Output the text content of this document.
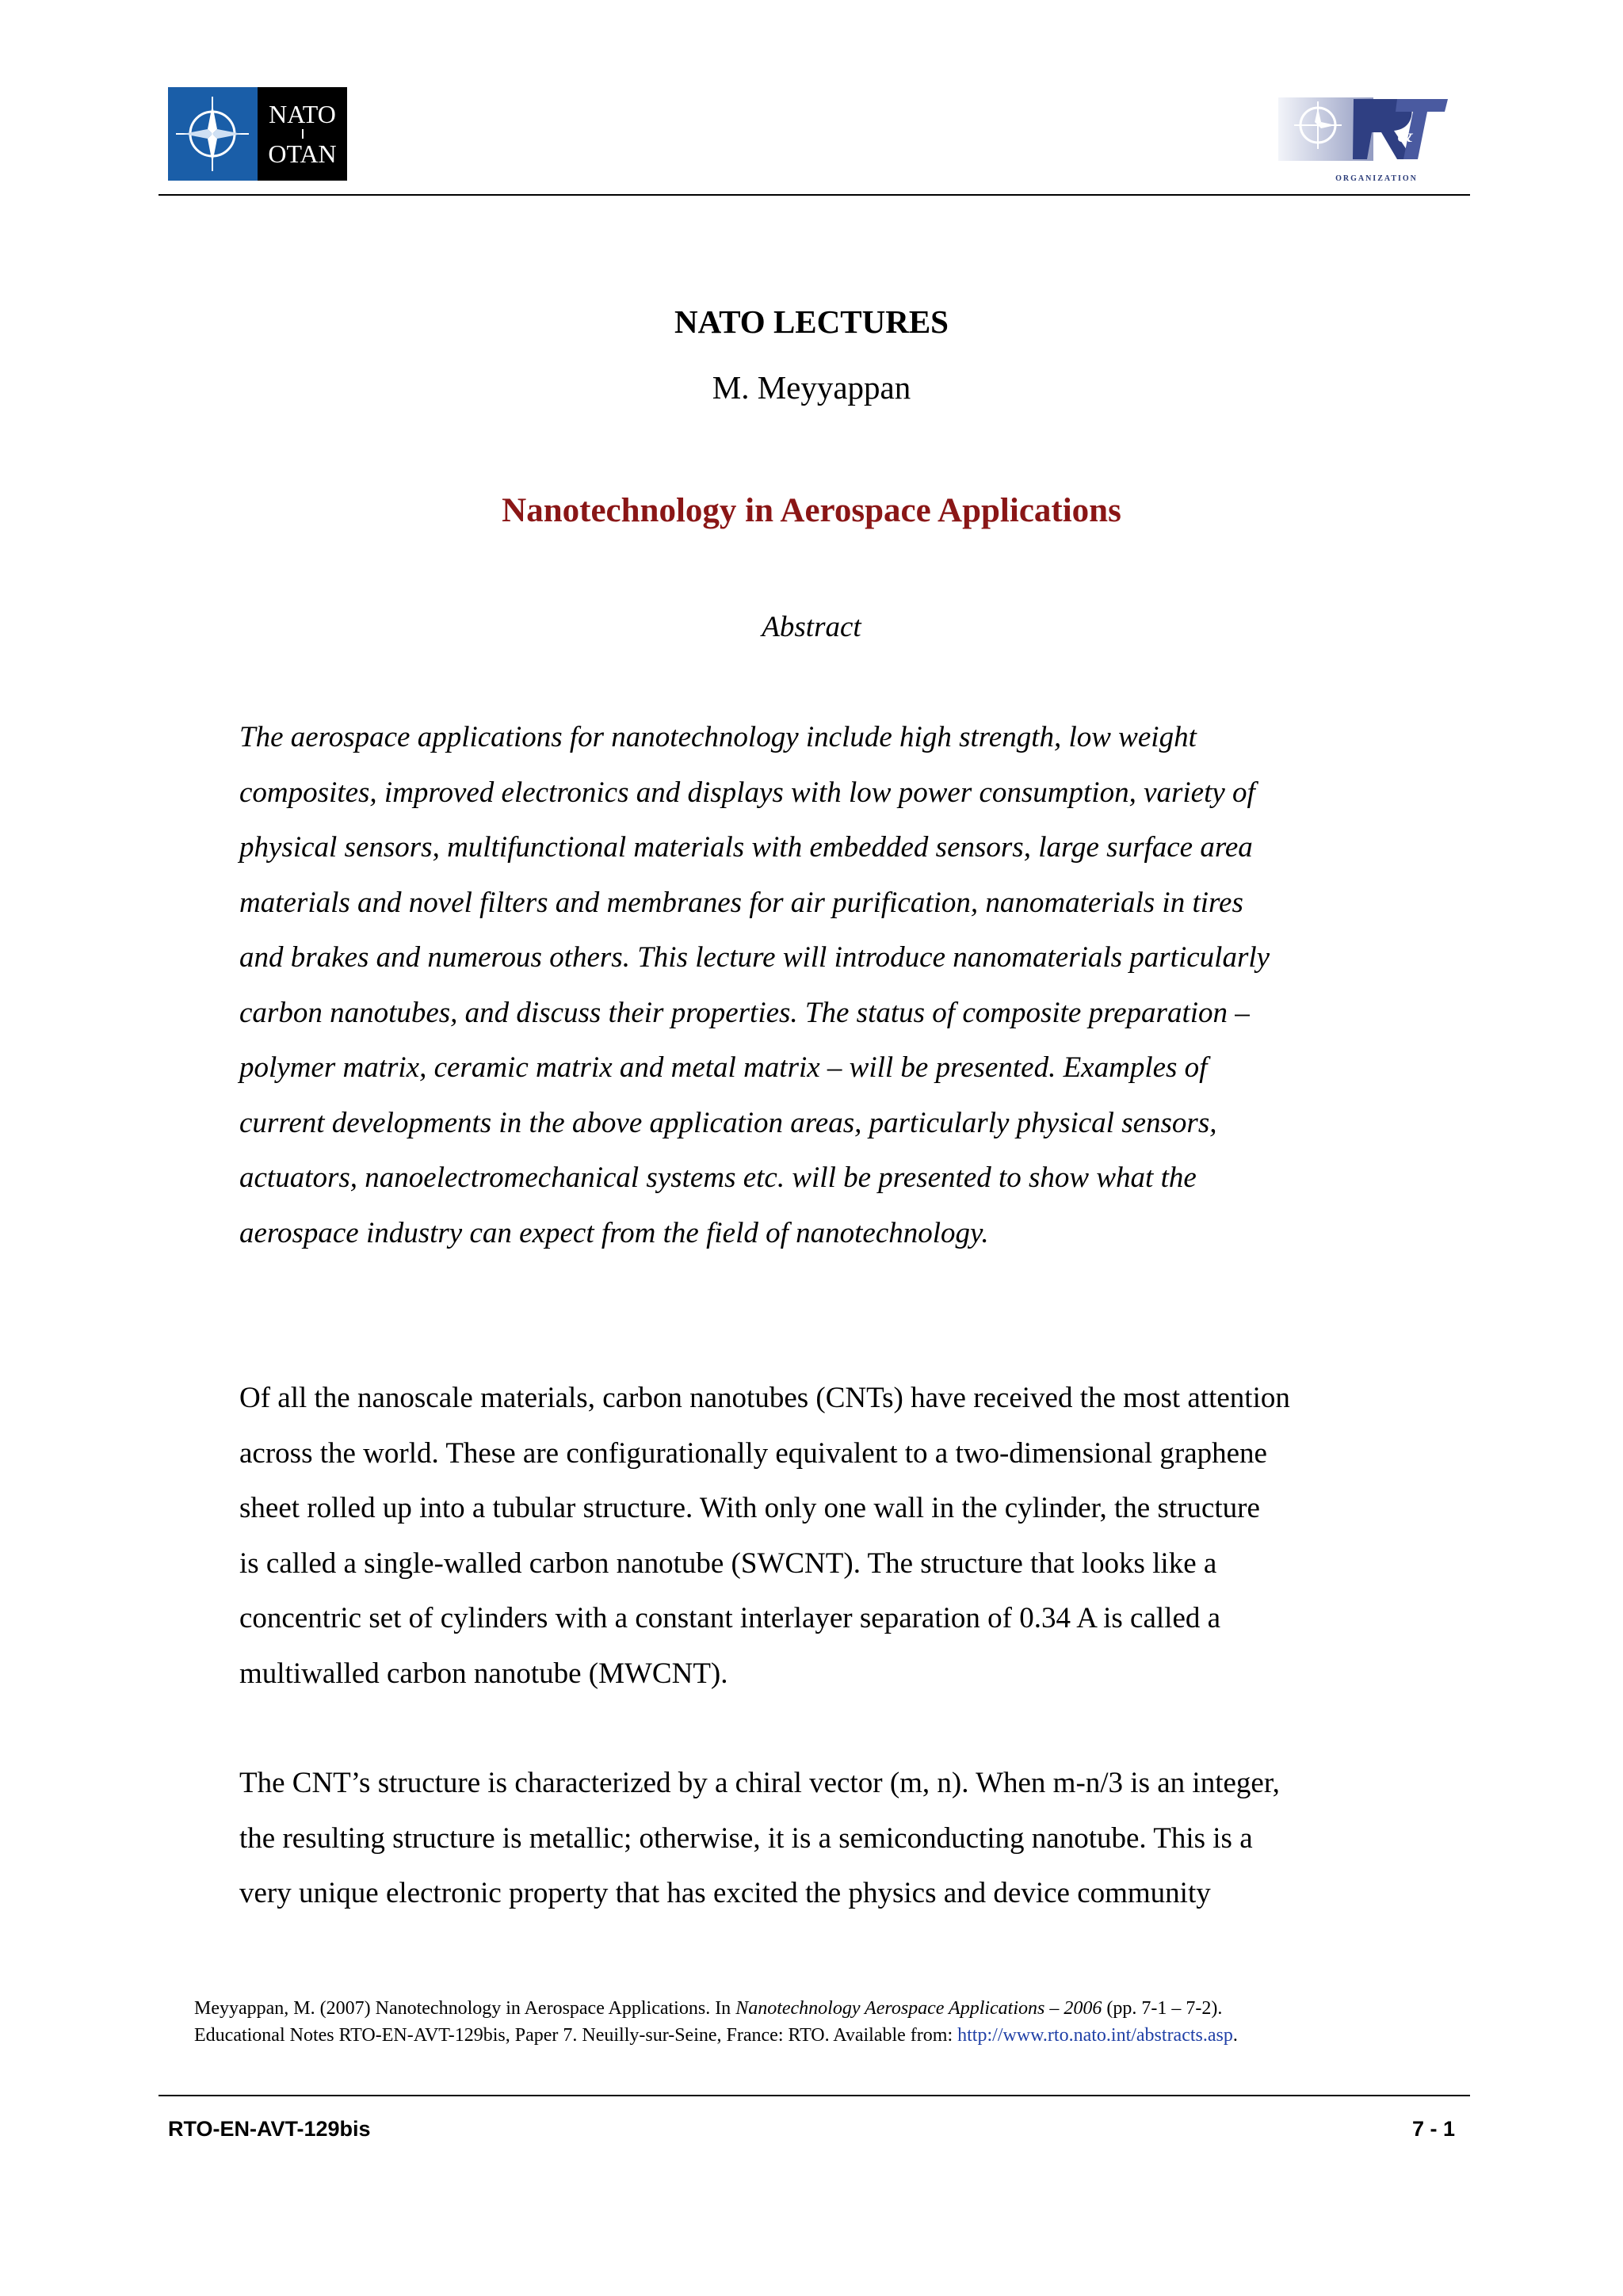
NATO
OTAN
&
ORGANIZATION
NATO LECTURES
M. Meyyappan
Nanotechnology in Aerospace Applications
Abstract
The aerospace applications for nanotechnology include high strength, low weight
composites, improved electronics and displays with low power consumption, variety of
physical sensors, multifunctional materials with embedded sensors, large surface area
materials and novel filters and membranes for air purification, nanomaterials in tires
and brakes and numerous others. This lecture will introduce nanomaterials particularly
carbon nanotubes, and discuss their properties. The status of composite preparation –
polymer matrix, ceramic matrix and metal matrix – will be presented. Examples of
current developments in the above application areas, particularly physical sensors,
actuators, nanoelectromechanical systems etc. will be presented to show what the
aerospace industry can expect from the field of nanotechnology.
Of all the nanoscale materials, carbon nanotubes (CNTs) have received the most attention
across the world. These are configurationally equivalent to a two-dimensional graphene
sheet rolled up into a tubular structure. With only one wall in the cylinder, the structure
is called a single-walled carbon nanotube (SWCNT). The structure that looks like a
concentric set of cylinders with a constant interlayer separation of 0.34 A is called a
multiwalled carbon nanotube (MWCNT).
The CNT’s structure is characterized by a chiral vector (m, n). When m-n/3 is an integer,
the resulting structure is metallic; otherwise, it is a semiconducting nanotube. This is a
very unique electronic property that has excited the physics and device community
Meyyappan, M. (2007) Nanotechnology in Aerospace Applications. In Nanotechnology Aerospace Applications – 2006 (pp. 7-1 – 7-2).
Educational Notes RTO-EN-AVT-129bis, Paper 7. Neuilly-sur-Seine, France: RTO. Available from: http://www.rto.nato.int/abstracts.asp.
RTO-EN-AVT-129bis	7 - 1
